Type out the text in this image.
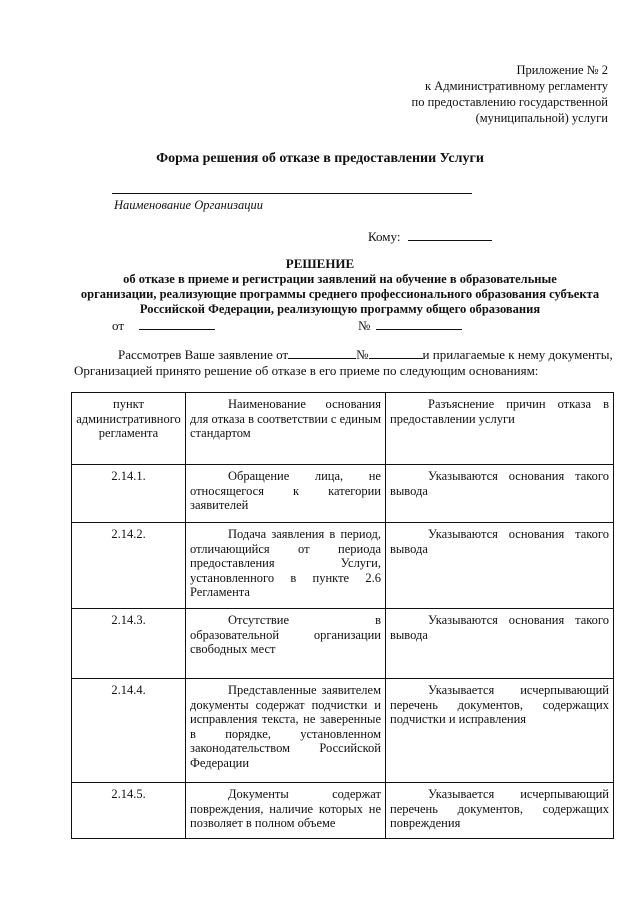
Приложение № 2
к Административному регламенту
по предоставлению государственной
(муниципальной) услуги
Форма решения об отказе в предоставлении Услуги
Наименование Организации
Кому:
РЕШЕНИЕ
об отказе в приеме и регистрации заявлений на обучение в образовательные
организации, реализующие программы среднего профессионального образования субъекта
Российской Федерации, реализующую программу общего образования
от	№
Рассмотрев Ваше заявление от	№	и прилагаемые к нему документы,
Организацией принято решение об отказе в его приеме по следующим основаниям:
пункт административного регламента	Наименование основания для отказа в соответствии с единым стандартом	Разъяснение причин отказа в предоставлении услуги
2.14.1.	Обращение лица, не относящегося к категории заявителей	Указываются основания такого вывода
2.14.2.	Подача заявления в период, отличающийся от периода предоставления Услуги, установленного в пункте 2.6 Регламента	Указываются основания такого вывода
2.14.3.	Отсутствие в образовательной организации свободных мест	Указываются основания такого вывода
2.14.4.	Представленные заявителем документы содержат подчистки и исправления текста, не заверенные в порядке, установленном законодательством Российской Федерации	Указывается исчерпывающий перечень документов, содержащих подчистки и исправления
2.14.5.	Документы содержат повреждения, наличие которых не позволяет в полном объеме	Указывается исчерпывающий перечень документов, содержащих повреждения
